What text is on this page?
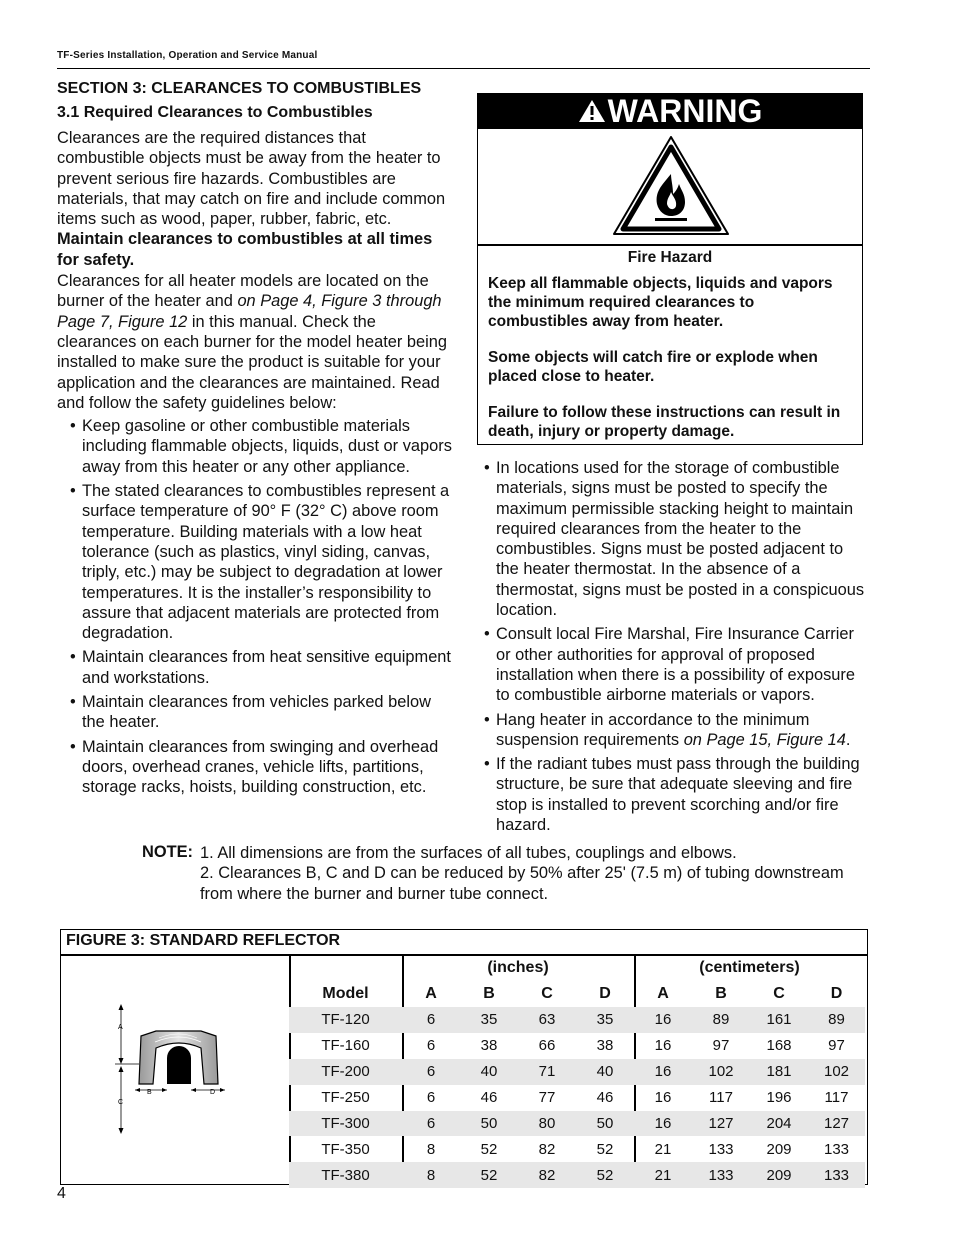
TF-Series Installation, Operation and Service Manual
SECTION 3: CLEARANCES TO COMBUSTIBLES
3.1 Required Clearances to Combustibles

Clearances are the required distances that combustible objects must be away from the heater to prevent serious fire hazards. Combustibles are materials, that may catch on fire and include common items such as wood, paper, rubber, fabric, etc. Maintain clearances to combustibles at all times for safety.

Clearances for all heater models are located on the burner of the heater and on Page 4, Figure 3 through Page 7, Figure 12 in this manual. Check the clearances on each burner for the model heater being installed to make sure the product is suitable for your application and the clearances are maintained. Read and follow the safety guidelines below:

• Keep gasoline or other combustible materials including flammable objects, liquids, dust or vapors away from this heater or any other appliance.
• The stated clearances to combustibles represent a surface temperature of 90° F (32° C) above room temperature. Building materials with a low heat tolerance (such as plastics, vinyl siding, canvas, triply, etc.) may be subject to degradation at lower temperatures. It is the installer’s responsibility to assure that adjacent materials are protected from degradation.
• Maintain clearances from heat sensitive equipment and workstations.
• Maintain clearances from vehicles parked below the heater.
• Maintain clearances from swinging and overhead doors, overhead cranes, vehicle lifts, partitions, storage racks, hoists, building construction, etc.
WARNING
Fire Hazard

Keep all flammable objects, liquids and vapors the minimum required clearances to combustibles away from heater.

Some objects will catch fire or explode when placed close to heater.

Failure to follow these instructions can result in death, injury or property damage.

• In locations used for the storage of combustible materials, signs must be posted to specify the maximum permissible stacking height to maintain required clearances from the heater to the combustibles. Signs must be posted adjacent to the heater thermostat. In the absence of a thermostat, signs must be posted in a conspicuous location.
• Consult local Fire Marshal, Fire Insurance Carrier or other authorities for approval of proposed installation when there is a possibility of exposure to combustible airborne materials or vapors.
• Hang heater in accordance to the minimum suspension requirements on Page 15, Figure 14.
• If the radiant tubes must pass through the building structure, be sure that adequate sleeving and fire stop is installed to prevent scorching and/or fire hazard.
NOTE: 1. All dimensions are from the surfaces of all tubes, couplings and elbows.
2. Clearances B, C and D can be reduced by 50% after 25' (7.5 m) of tubing downstream from where the burner and burner tube connect.
FIGURE 3: STANDARD REFLECTOR
A
C
B	D
	(inches)				(centimeters)			
Model	A	B	C	D	A	B	C	D
TF-120	6	35	63	35	16	89	161	89
TF-160	6	38	66	38	16	97	168	97
TF-200	6	40	71	40	16	102	181	102
TF-250	6	46	77	46	16	117	196	117
TF-300	6	50	80	50	16	127	204	127
TF-350	8	52	82	52	21	133	209	133
TF-380	8	52	82	52	21	133	209	133
4
